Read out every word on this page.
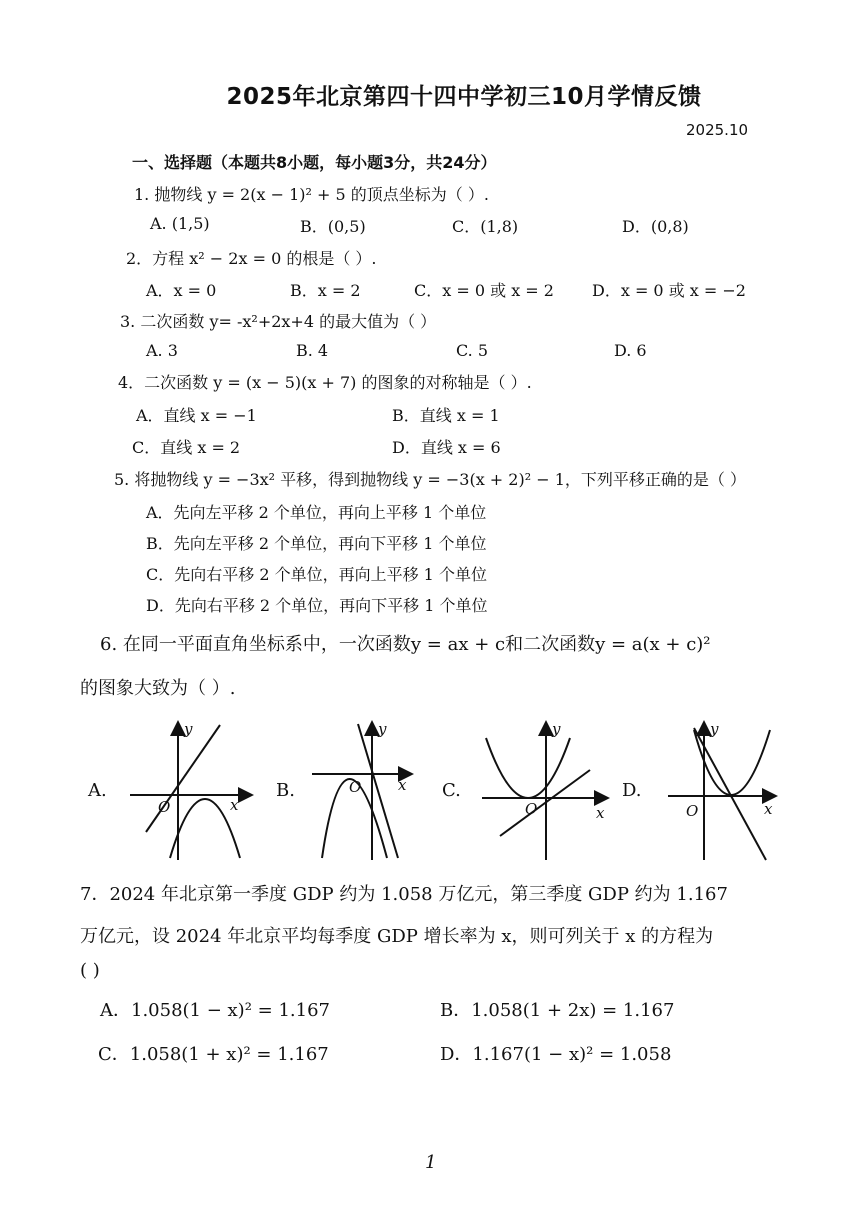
2025年北京第四十四中学初三10月学情反馈
2025.10
一、选择题（本题共8小题，每小题3分，共24分）
1. 抛物线 y = 2(x − 1)² + 5 的顶点坐标为（ ）.
A. (1,5)	B．(0,5)	C．(1,8)	D．(0,8)
2．方程 x² − 2x = 0 的根是（ ）.
A．x = 0	B．x = 2	C．x = 0 或 x = 2 D．x = 0 或 x = −2
3. 二次函数 y= -x²+2x+4 的最大值为（ ）
A. 3	B. 4	C. 5	D. 6
4．二次函数 y = (x − 5)(x + 7) 的图象的对称轴是（ ）.
A．直线 x = −1	B．直线 x = 1
C．直线 x = 2	D．直线 x = 6
5. 将抛物线 y = −3x² 平移，得到抛物线 y = −3(x + 2)² − 1，下列平移正确的是（ ）
A．先向左平移 2 个单位，再向上平移 1 个单位
B．先向左平移 2 个单位，再向下平移 1 个单位
C．先向右平移 2 个单位，再向上平移 1 个单位
D．先向右平移 2 个单位，再向下平移 1 个单位
6. 在同一平面直角坐标系中，一次函数y = ax + c和二次函数y = a(x + c)²
的图象大致为（ ）.
A.	B.	C.	D.
y
x
O
y
x
O
y
x
O
y
x
O
7．2024 年北京第一季度 GDP 约为 1.058 万亿元，第三季度 GDP 约为 1.167
万亿元，设 2024 年北京平均每季度 GDP 增长率为 x，则可列关于 x 的方程为
( )
A．1.058(1 − x)² = 1.167	B．1.058(1 + 2x) = 1.167
C．1.058(1 + x)² = 1.167	D．1.167(1 − x)² = 1.058
1
